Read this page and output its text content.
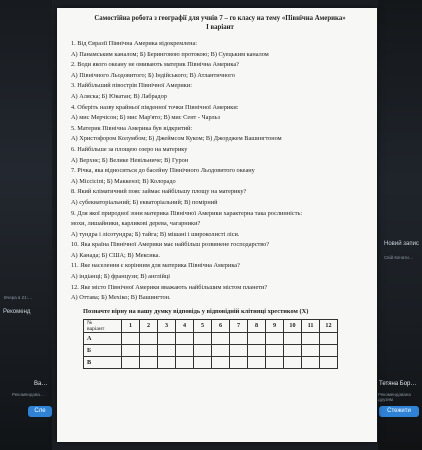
Рекоменд
Вчера в 21:…
Ва…
Рекомендова…
Сле
Новий запис
Свій Качати…
Тетяна Бор…
Рекомендована друзям
Стежити
Самостійна робота з географії для учнів 7 – го класу на тему «Північна Америка»
I варіант
1. Від Євразії Північна Америка відокремлена:
А) Панамським каналом; Б) Беринговою протокою; В) Суецьким каналом
2. Води якого океану не омивають материк Північна Америка?
А) Північного Льодовитого; Б) Індійського; В) Атлантичного
3. Найбільший півострів Північної Америки:
А) Аляска; Б) Юкатан; В) Лабрадор
4. Оберіть назву крайньої південної точки Північної Америки:
А) мис Мерчісон; Б) мис Мар'ято; В) мис Сент - Чарльз
5. Материк Північна Америка був відкритий:
А) Христофором Колумбом; Б) Джеймсом Куком; В) Джорджем Вашингтоном
6. Найбільше за площею озеро на материку
А) Верхнє; Б) Велике Невільниче; В) Гурон
7. Річка, яка відноситься до басейну Північного Льодовитого океану
А) Міссісіпі; Б) Маккензі; В) Колорадо
8. Який кліматичний пояс займає найбільшу площу на материку?
А) субекваторіальний; Б) екваторіальний; В) помірний
9. Для якої природної зони материка Північної Америки характерна така рослинність:
мохи, лишайники, карликові дерева, чагарники?
А) тундра і лісотундра; Б) тайга; В) мішані і широколисті ліси.
10. Яка країна Північної Америки має найбільш розвинене господарство?
А) Канада; Б) США; В) Мексика.
11. Яке населення є корінним для материка Північна Америка?
А) індіанці; Б) французи; В) англійці
12. Яке місто Північної Америки вважають найбільшим містом планети?
А) Оттава; Б) Мехіко; В) Вашингтон.
Позначте вірну на вашу думку відповідь у відповідній клітинці хрестиком (Х)
№
варіант	1	2	3	4	5	6	7	8	9	10	11	12
А												
Б												
В												
